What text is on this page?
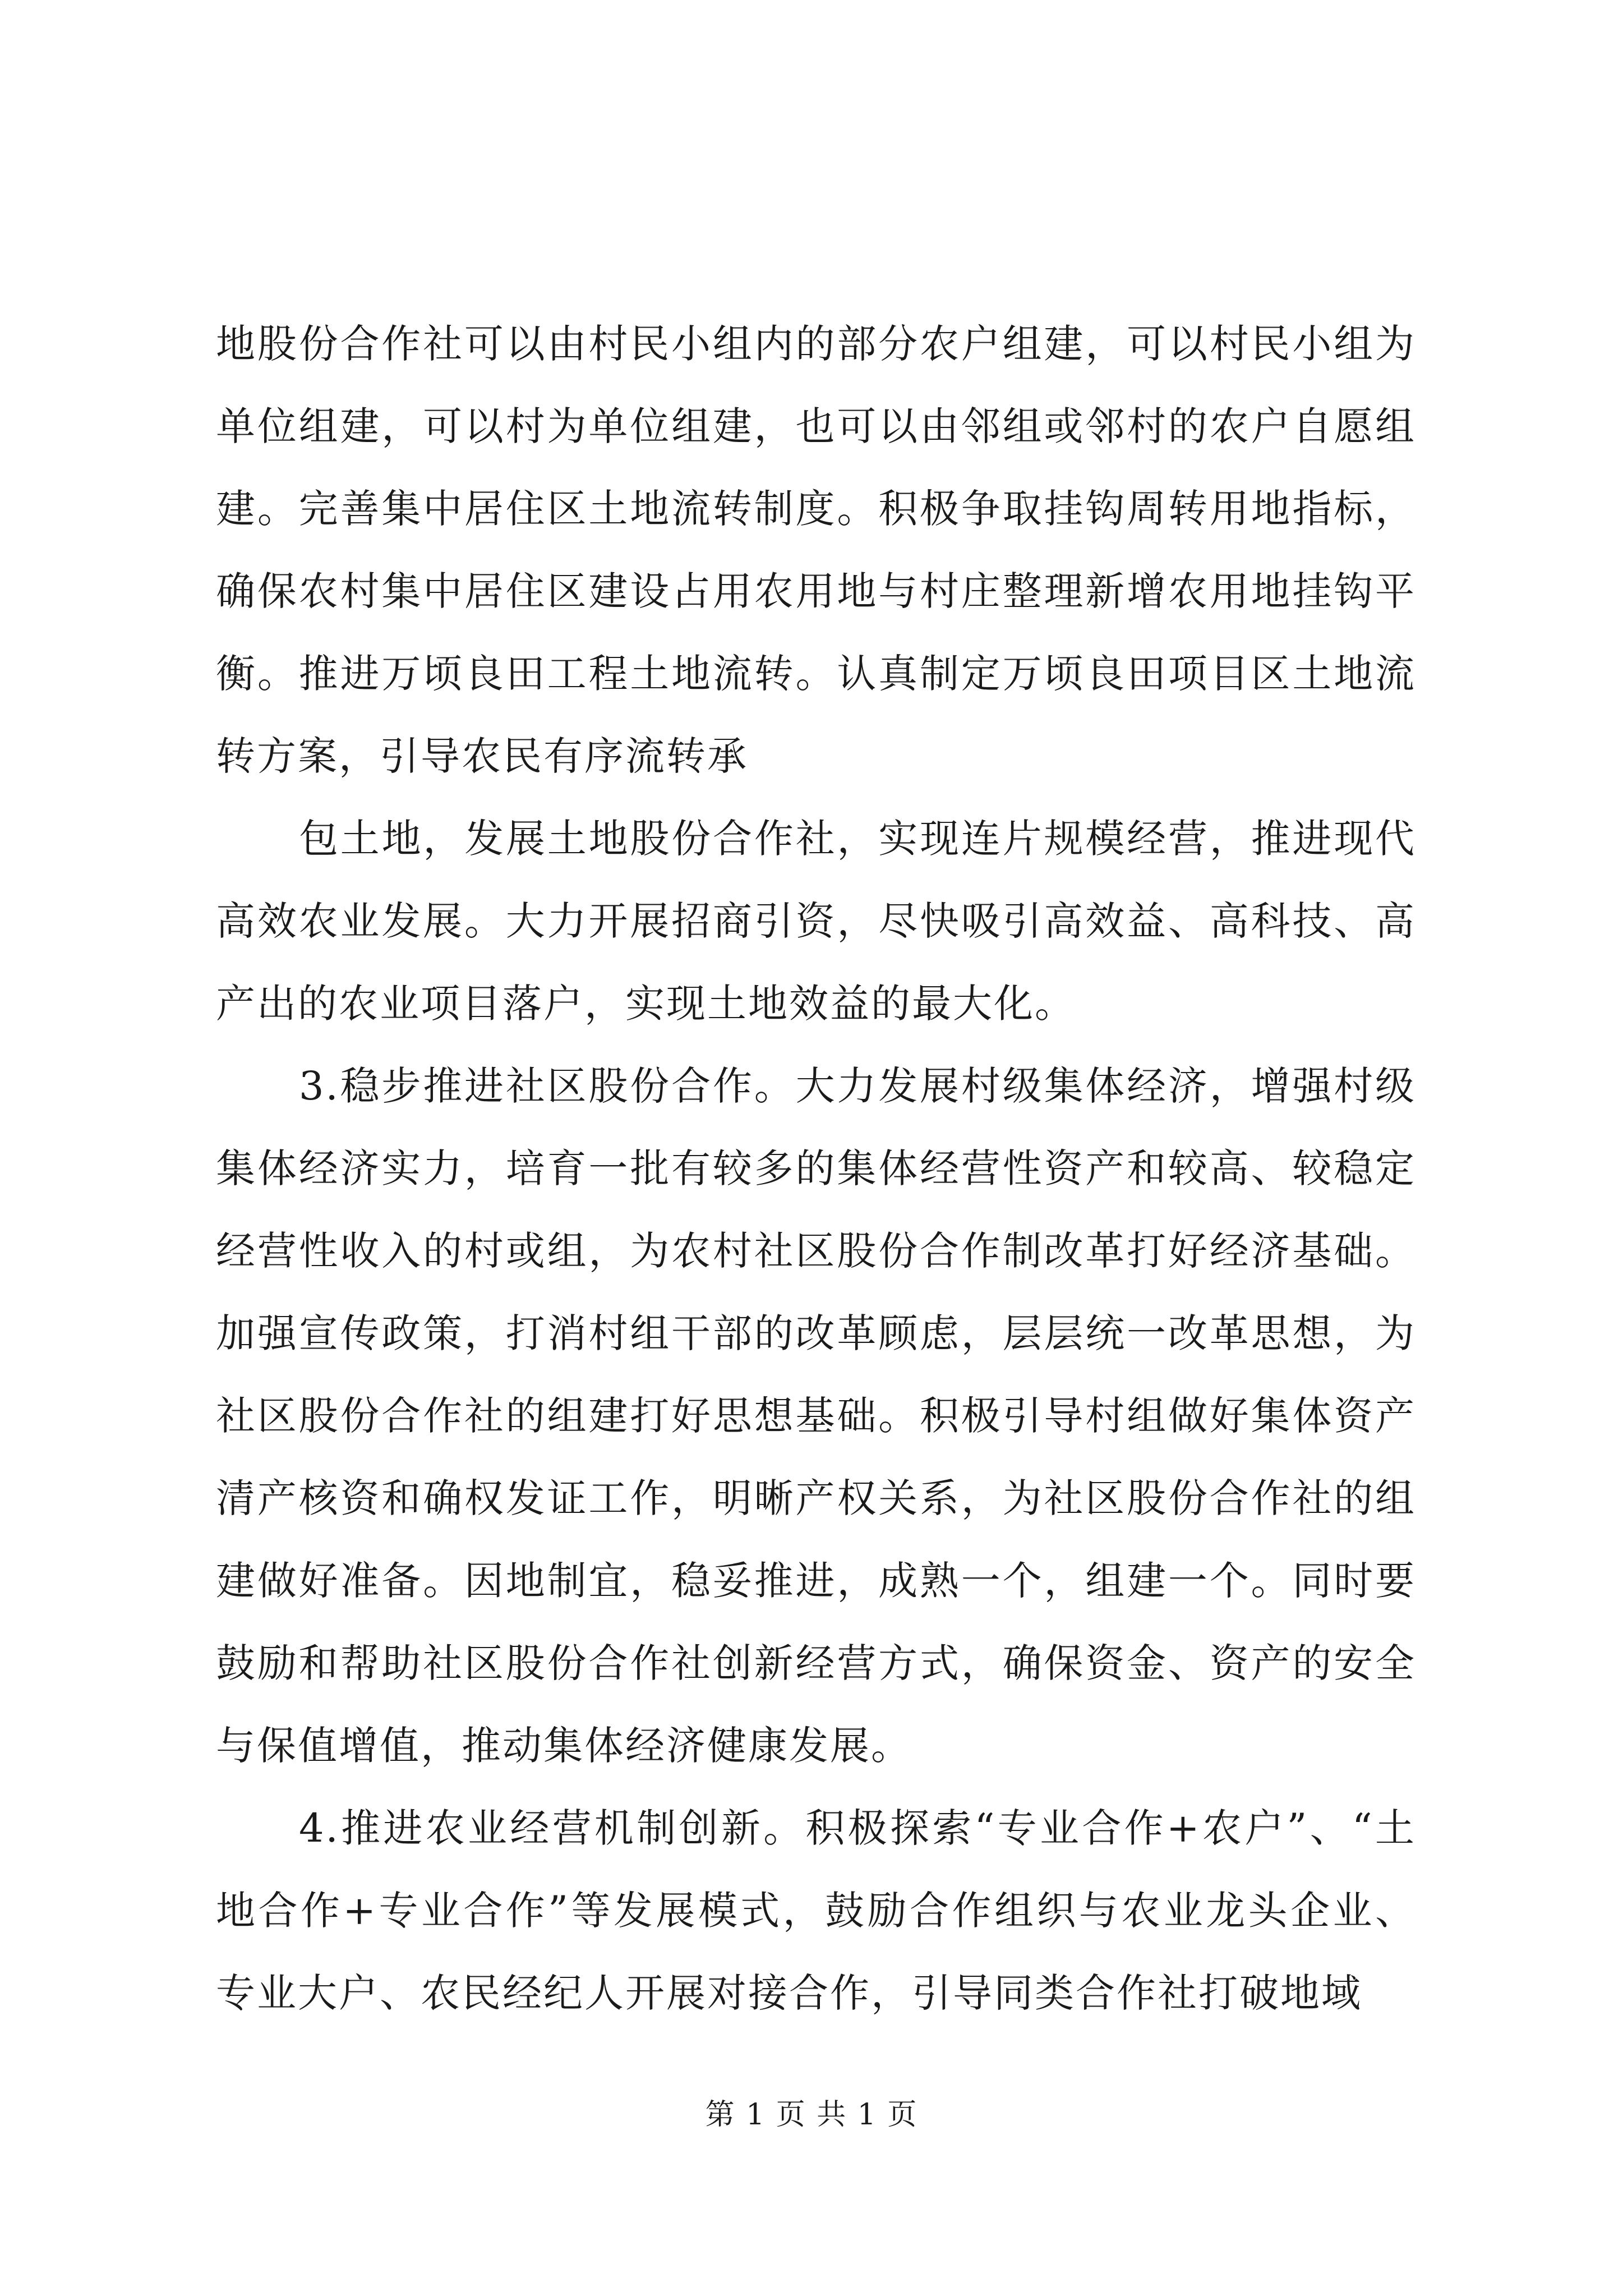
地股份合作社可以由村民小组内的部分农户组建，可以村民小组为单位组建，可以村为单位组建，也可以由邻组或邻村的农户自愿组建。完善集中居住区土地流转制度。积极争取挂钩周转用地指标，确保农村集中居住区建设占用农用地与村庄整理新增农用地挂钩平衡。推进万顷良田工程土地流转。认真制定万顷良田项目区土地流转方案，引导农民有序流转承

包土地，发展土地股份合作社，实现连片规模经营，推进现代高效农业发展。大力开展招商引资，尽快吸引高效益、高科技、高产出的农业项目落户，实现土地效益的最大化。

3.稳步推进社区股份合作。大力发展村级集体经济，增强村级集体经济实力，培育一批有较多的集体经营性资产和较高、较稳定经营性收入的村或组，为农村社区股份合作制改革打好经济基础。加强宣传政策，打消村组干部的改革顾虑，层层统一改革思想，为社区股份合作社的组建打好思想基础。积极引导村组做好集体资产清产核资和确权发证工作，明晰产权关系，为社区股份合作社的组建做好准备。因地制宜，稳妥推进，成熟一个，组建一个。同时要鼓励和帮助社区股份合作社创新经营方式，确保资金、资产的安全与保值增值，推动集体经济健康发展。

4.推进农业经营机制创新。积极探索“专业合作+农户”、“土地合作+专业合作”等发展模式，鼓励合作组织与农业龙头企业、专业大户、农民经纪人开展对接合作，引导同类合作社打破地域

第 1 页 共 1 页
